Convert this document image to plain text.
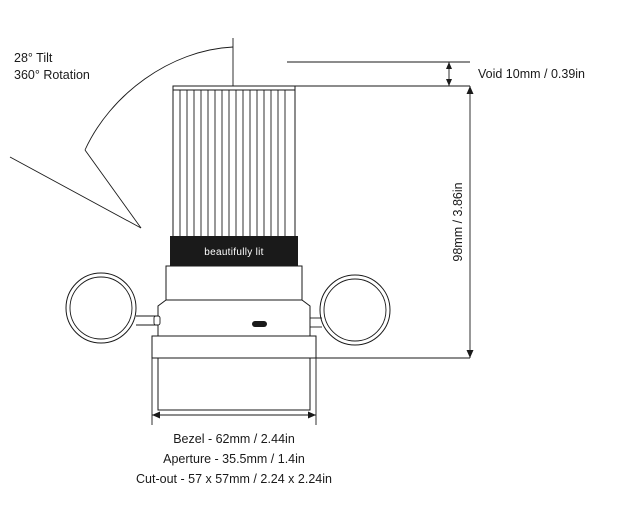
28° Tilt
360° Rotation
beautifully lit
Void 10mm / 0.39in
98mm / 3.86in
Bezel - 62mm / 2.44in
Aperture - 35.5mm / 1.4in
Cut-out - 57 x 57mm / 2.24 x 2.24in
